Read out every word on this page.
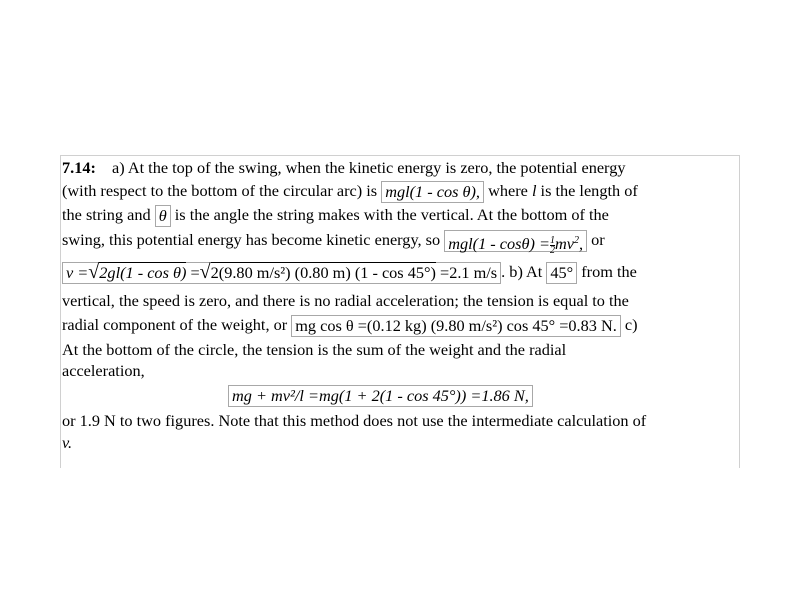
7.14: a) At the top of the swing, when the kinetic energy is zero, the potential energy
(with respect to the bottom of the circular arc) is mgl(1 - cos θ), where l is the length of
the string and θ is the angle the string makes with the vertical. At the bottom of the
swing, this potential energy has become kinetic energy, so $mgl(1 - \cos\theta) = \frac{1}{2} mv^2$, or
v =√2gl(1 - cos θ) =√2(9.80 m/s²) (0.80 m) (1 - cos 45°) =2.1 m/s . b) At 45° from the
vertical, the speed is zero, and there is no radial acceleration; the tension is equal to the
radial component of the weight, or mg cos θ =(0.12 kg) (9.80 m/s²) cos 45° =0.83 N. c)
At the bottom of the circle, the tension is the sum of the weight and the radial
acceleration,
mg + mv²/l =mg(1 + 2(1 - cos 45°)) =1.86 N,
or 1.9 N to two figures. Note that this method does not use the intermediate calculation of
v.
